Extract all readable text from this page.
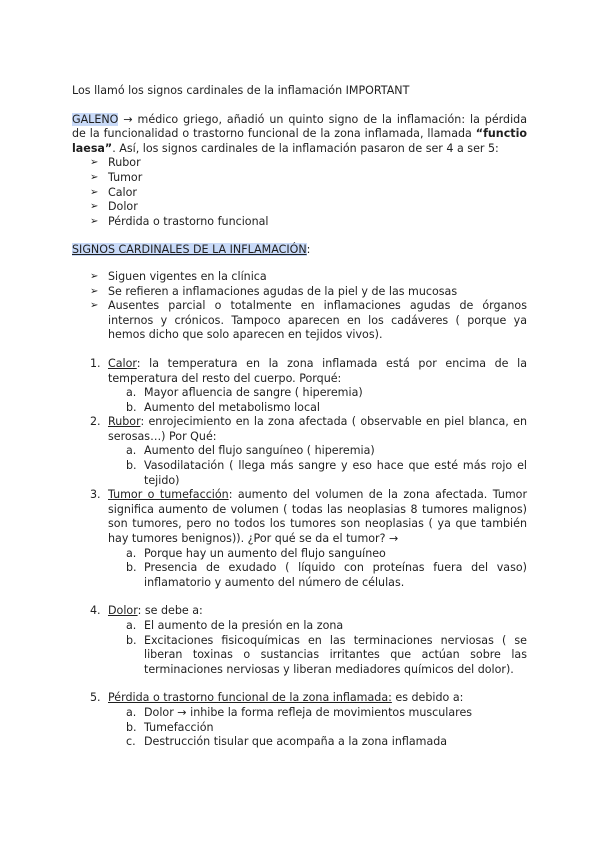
Los llamó los signos cardinales de la inflamación IMPORTANT

GALENO → médico griego, añadió un quinto signo de la inflamación: la pérdida de la funcionalidad o trastorno funcional de la zona inflamada, llamada “functio laesa”. Así, los signos cardinales de la inflamación pasaron de ser 4 a ser 5:

➢ Rubor
➢ Tumor
➢ Calor
➢ Dolor
➢ Pérdida o trastorno funcional

SIGNOS CARDINALES DE LA INFLAMACIÓN:

➢ Siguen vigentes en la clínica
➢ Se refieren a inflamaciones agudas de la piel y de las mucosas
➢ Ausentes parcial o totalmente en inflamaciones agudas de órganos internos y crónicos. Tampoco aparecen en los cadáveres ( porque ya hemos dicho que solo aparecen en tejidos vivos).
1. Calor: la temperatura en la zona inflamada está por encima de la temperatura del resto del cuerpo. Porqué:
a. Mayor afluencia de sangre ( hiperemia)
b. Aumento del metabolismo local
2. Rubor: enrojecimiento en la zona afectada ( observable en piel blanca, en serosas…) Por Qué:
a. Aumento del flujo sanguíneo ( hiperemia)
b. Vasodilatación ( llega más sangre y eso hace que esté más rojo el tejido)
3. Tumor o tumefacción: aumento del volumen de la zona afectada. Tumor significa aumento de volumen ( todas las neoplasias 8 tumores malignos) son tumores, pero no todos los tumores son neoplasias ( ya que también hay tumores benignos)). ¿Por qué se da el tumor? →
a. Porque hay un aumento del flujo sanguíneo
b. Presencia de exudado ( líquido con proteínas fuera del vaso) inflamatorio y aumento del número de células.
4. Dolor: se debe a:
a. El aumento de la presión en la zona
b. Excitaciones fisicoquímicas en las terminaciones nerviosas ( se liberan toxinas o sustancias irritantes que actúan sobre las terminaciones nerviosas y liberan mediadores químicos del dolor).
5. Pérdida o trastorno funcional de la zona inflamada: es debido a:
a. Dolor → inhibe la forma refleja de movimientos musculares
b. Tumefacción
c. Destrucción tisular que acompaña a la zona inflamada
